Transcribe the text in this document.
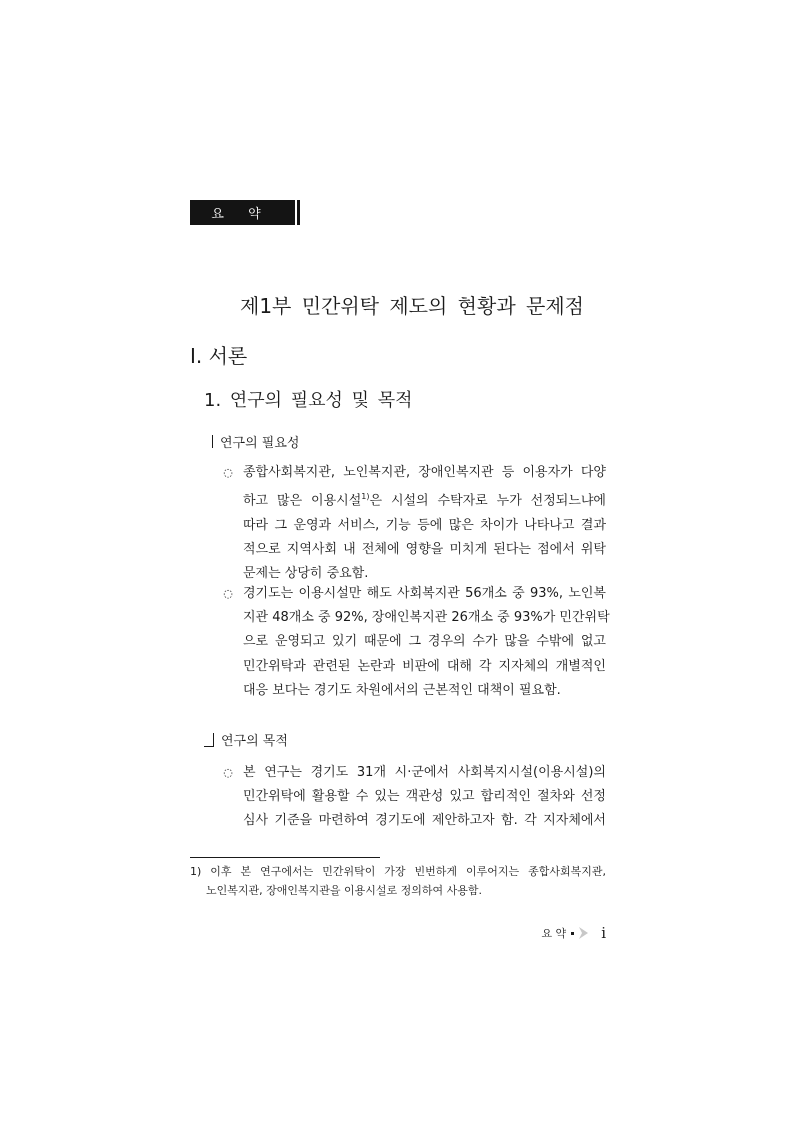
요 약
제1부 민간위탁 제도의 현황과 문제점
Ⅰ. 서론
1. 연구의 필요성 및 목적
연구의 필요성
◌ 종합사회복지관, 노인복지관, 장애인복지관 등 이용자가 다양
하고 많은 이용시설$^{1)}$은 시설의 수탁자로 누가 선정되느냐에
따라 그 운영과 서비스, 기능 등에 많은 차이가 나타나고 결과
적으로 지역사회 내 전체에 영향을 미치게 된다는 점에서 위탁
문제는 상당히 중요함.
◌ 경기도는 이용시설만 해도 사회복지관 56개소 중 93%, 노인복
지관 48개소 중 92%, 장애인복지관 26개소 중 93%가 민간위탁
으로 운영되고 있기 때문에 그 경우의 수가 많을 수밖에 없고
민간위탁과 관련된 논란과 비판에 대해 각 지자체의 개별적인
대응 보다는 경기도 차원에서의 근본적인 대책이 필요함.
연구의 목적
◌ 본 연구는 경기도 31개 시·군에서 사회복지시설(이용시설)의
민간위탁에 활용할 수 있는 객관성 있고 합리적인 절차와 선정
심사 기준을 마련하여 경기도에 제안하고자 함. 각 지자체에서
1) 이후 본 연구에서는 민간위탁이 가장 빈번하게 이루어지는 종합사회복지관,
노인복지관, 장애인복지관을 이용시설로 정의하여 사용함.
요 약 i
